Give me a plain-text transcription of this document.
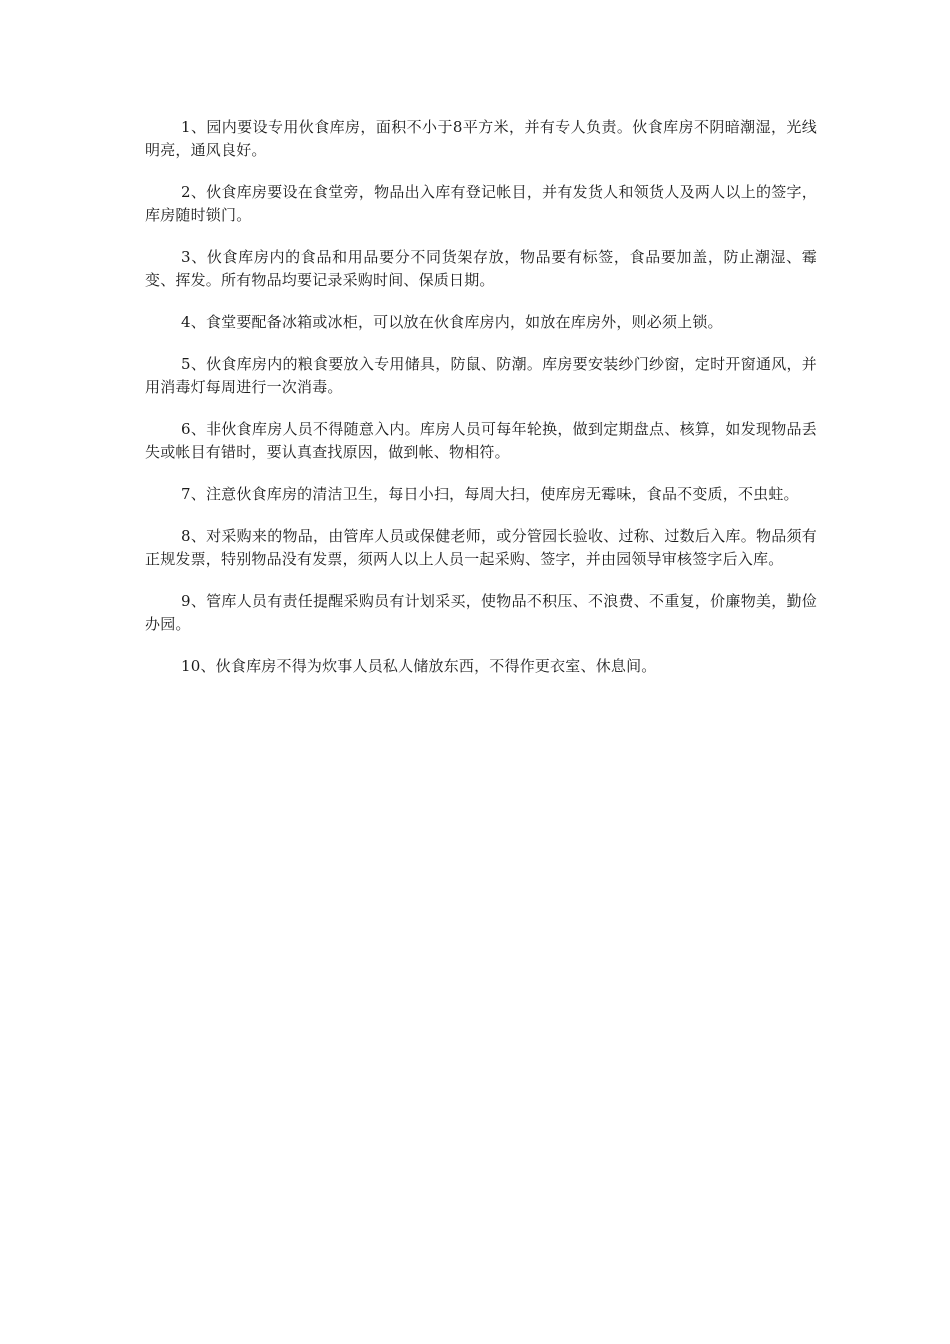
1、园内要设专用伙食库房，面积不小于8平方米，并有专人负责。伙食库房不阴暗潮湿，光线明亮，通风良好。

2、伙食库房要设在食堂旁，物品出入库有登记帐目，并有发货人和领货人及两人以上的签字，库房随时锁门。

3、伙食库房内的食品和用品要分不同货架存放，物品要有标签，食品要加盖，防止潮湿、霉变、挥发。所有物品均要记录采购时间、保质日期。

4、食堂要配备冰箱或冰柜，可以放在伙食库房内，如放在库房外，则必须上锁。

5、伙食库房内的粮食要放入专用储具，防鼠、防潮。库房要安装纱门纱窗，定时开窗通风，并用消毒灯每周进行一次消毒。

6、非伙食库房人员不得随意入内。库房人员可每年轮换，做到定期盘点、核算，如发现物品丢失或帐目有错时，要认真查找原因，做到帐、物相符。

7、注意伙食库房的清洁卫生，每日小扫，每周大扫，使库房无霉味，食品不变质，不虫蛀。

8、对采购来的物品，由管库人员或保健老师，或分管园长验收、过称、过数后入库。物品须有正规发票，特别物品没有发票，须两人以上人员一起采购、签字，并由园领导审核签字后入库。

9、管库人员有责任提醒采购员有计划采买，使物品不积压、不浪费、不重复，价廉物美，勤俭办园。

10、伙食库房不得为炊事人员私人储放东西，不得作更衣室、休息间。
